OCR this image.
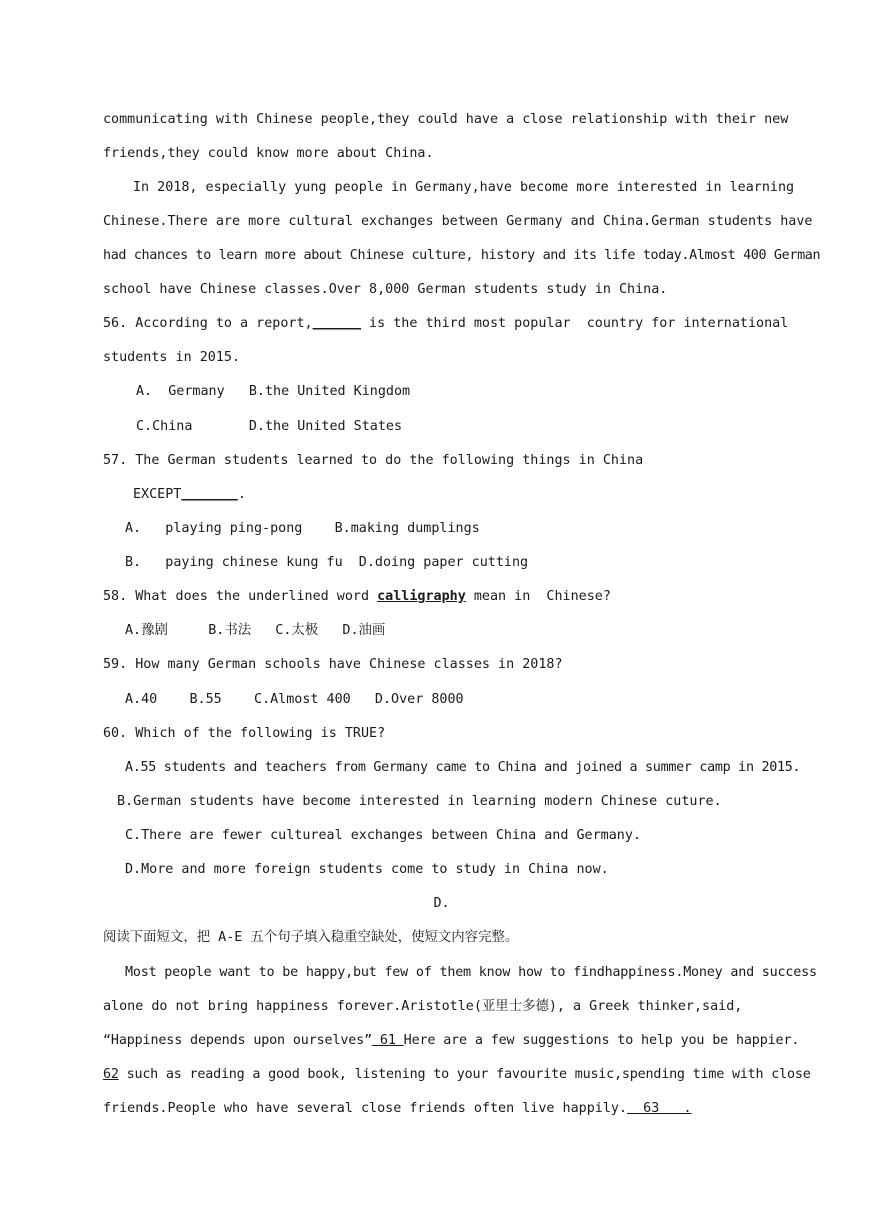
communicating with Chinese people,they could have a close relationship with their new
friends,they could know more about China.
In 2018, especially yung people in Germany,have become more interested in learning
Chinese.There are more cultural exchanges between Germany and China.German students have
had chances to learn more about Chinese culture, history and its life today.Almost 400 German
school have Chinese classes.Over 8,000 German students study in China.
56. According to a report,______ is the third most popular  country for international
students in 2015.
A.  Germany   B.the United Kingdom
C.China       D.the United States
57. The German students learned to do the following things in China
EXCEPT_______.
A.   playing ping-pong    B.making dumplings
B.   paying chinese kung fu  D.doing paper cutting
58. What does the underlined word calligraphy mean in  Chinese?
A.豫剧     B.书法   C.太极   D.油画
59. How many German schools have Chinese classes in 2018?
A.40    B.55    C.Almost 400   D.Over 8000
60. Which of the following is TRUE?
A.55 students and teachers from Germany came to China and joined a summer camp in 2015.
B.German students have become interested in learning modern Chinese cuture.
C.There are fewer cultureal exchanges between China and Germany.
D.More and more foreign students come to study in China now.
D.
阅读下面短文，把 A-E 五个句子填入稳重空缺处，使短文内容完整。
Most people want to be happy,but few of them know how to findhappiness.Money and success
alone do not bring happiness forever.Aristotle(亚里士多德), a Greek thinker,said,
“Happiness depends upon ourselves” 61 Here are a few suggestions to help you be happier.
62 such as reading a good book, listening to your favourite music,spending time with close
friends.People who have several close friends often live happily.  63   .
